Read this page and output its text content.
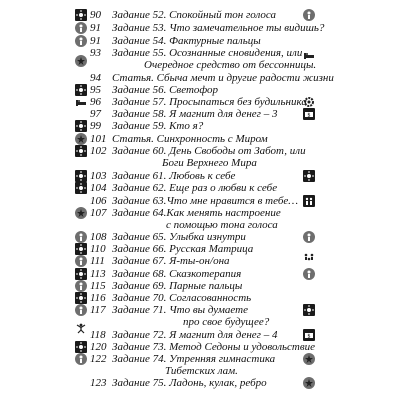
90 Задание 52. Спокойный тон голоса
91 Задание 53. Что замечательное ты видишь?
91 Задание 54. Фактурные пальцы
93 Задание 55. Осознанные сновидения, или
Очередное средство от бессонницы.
94 Статья. Сбыча мечт и другие радости жизни
95 Задание 56. Светофор
96 Задание 57. Просыпаться без будильника
97 Задание 58. Я магнит для денег – 3
99 Задание 59. Кто я?
101 Статья. Синхронность с Миром
102 Задание 60. День Свободы от Забот, или
Боги Верхнего Мира
103 Задание 61. Любовь к себе
104 Задание 62. Еще раз о любви к себе
106 Задание 63.Что мне нравится в тебе…
107 Задание 64.Как менять настроение
с помощью тона голоса
108 Задание 65. Улыбка изнутри
110 Задание 66. Русская Матрица
111 Задание 67. Я-ты-он/она
113 Задание 68. Сказкотерапия
115 Задание 69. Парные пальцы
116 Задание 70. Согласованность
117 Задание 71. Что вы думаете
про свое будущее?
118 Задание 72. Я магнит для денег – 4
120 Задание 73. Метод Седоны и удовольствие
122 Задание 74. Утренняя гимнастика
Тибетских лам.
123 Задание 75. Ладонь, кулак, ребро
$
$
